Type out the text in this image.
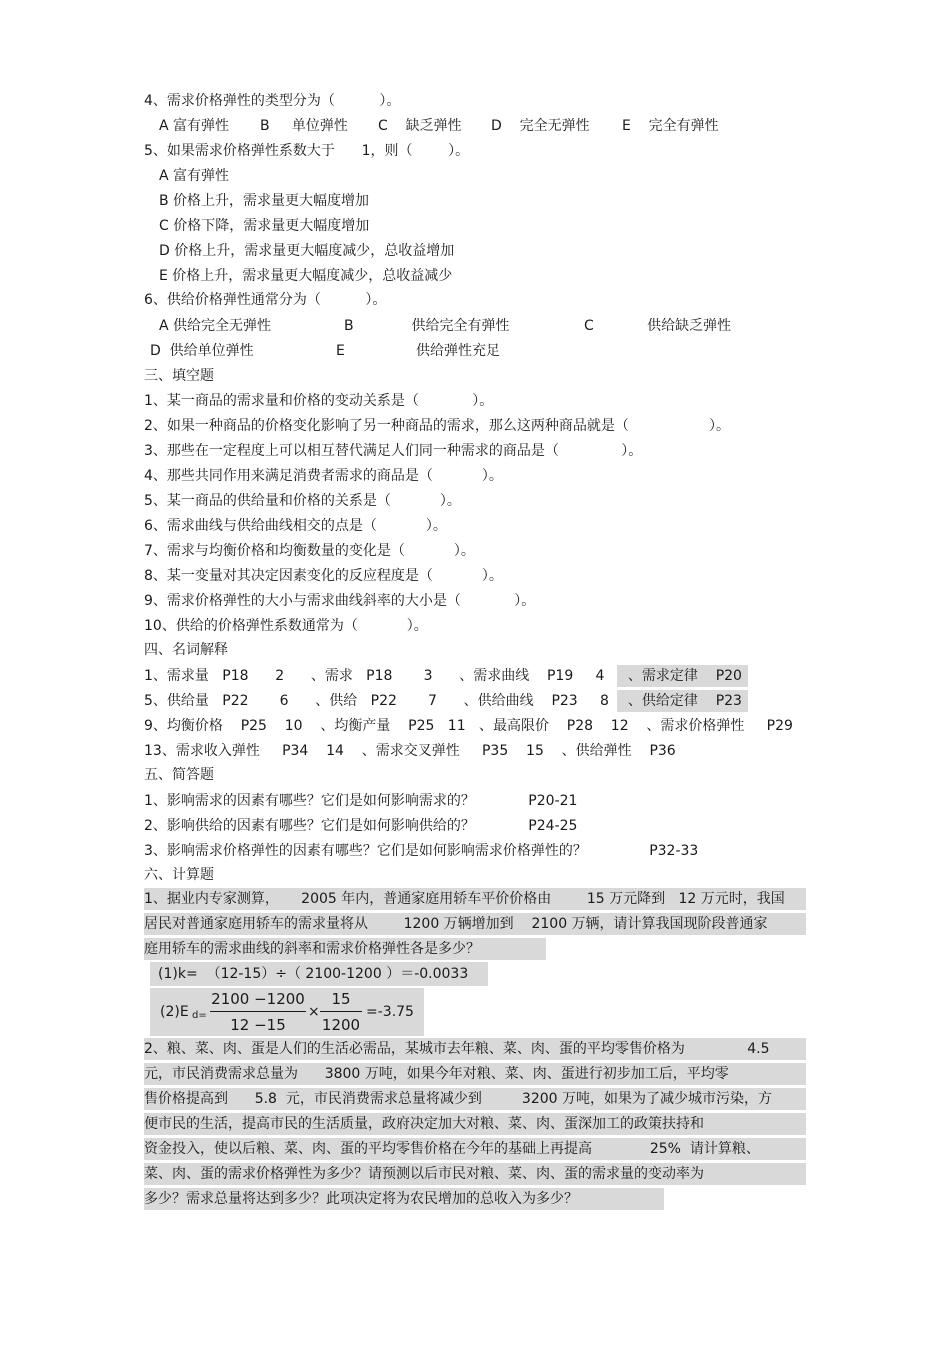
4、需求价格弹性的类型分为（          ）。
A 富有弹性 B     单位弹性 C    缺乏弹性 D    完全无弹性 E    完全有弹性
5、如果需求价格弹性系数大于      1，则（        ）。
A 富有弹性
B 价格上升，需求量更大幅度增加
C 价格下降，需求量更大幅度增加
D 价格上升，需求量更大幅度减少，总收益增加
E 价格上升，需求量更大幅度减少，总收益减少
6、供给价格弹性通常分为（          ）。
A 供给完全无弹性	B             供给完全有弹性	C            供给缺乏弹性
D  供给单位弹性	E                供给弹性充足
三、填空题
1、某一商品的需求量和价格的变动关系是（            ）。
2、如果一种商品的价格变化影响了另一种商品的需求，那么这两种商品就是（                  ）。
3、那些在一定程度上可以相互替代满足人们同一种需求的商品是（              ）。
4、那些共同作用来满足消费者需求的商品是（           ）。
5、某一商品的供给量和价格的关系是（           ）。
6、需求曲线与供给曲线相交的点是（           ）。
7、需求与均衡价格和均衡数量的变化是（           ）。
8、某一变量对其决定因素变化的反应程度是（           ）。
9、需求价格弹性的大小与需求曲线斜率的大小是（            ）。
10、供给的价格弹性系数通常为（           ）。
四、名词解释
1、需求量   P18      2      、需求   P18       3      、需求曲线    P19     4 、需求定律    P20
5、供给量   P22       6      、供给   P22       7      、供给曲线    P23     8 、供给定律    P23
9、均衡价格    P25    10    、均衡产量    P25   11   、最高限价    P28    12    、需求价格弹性     P29
13、需求收入弹性     P34    14    、需求交叉弹性     P35    15    、供给弹性    P36
五、简答题
1、影响需求的因素有哪些？它们是如何影响需求的？            P20-21
2、影响供给的因素有哪些？它们是如何影响供给的？            P24-25
3、影响需求价格弹性的因素有哪些？它们是如何影响需求价格弹性的？              P32-33
六、计算题
1、据业内专家测算，     2005 年内，普通家庭用轿车平价价格由        15 万元降到   12 万元时，我国
居民对普通家庭用轿车的需求量将从        1200 万辆增加到    2100 万辆，请计算我国现阶段普通家
庭用轿车的需求曲线的斜率和需求价格弹性各是多少？
(1)k=  （12-15）÷（ 2100-1200 ）＝-0.0033
(2)E d=
2100 −1200
12 −15
×
15
1200
=-3.75
2、粮、菜、肉、蛋是人们的生活必需品，某城市去年粮、菜、肉、蛋的平均零售价格为              4.5
元，市民消费需求总量为      3800 万吨，如果今年对粮、菜、肉、蛋进行初步加工后，平均零
售价格提高到      5.8  元，市民消费需求总量将减少到         3200 万吨，如果为了减少城市污染，方
便市民的生活，提高市民的生活质量，政府决定加大对粮、菜、肉、蛋深加工的政策扶持和
资金投入，使以后粮、菜、肉、蛋的平均零售价格在今年的基础上再提高             25%  请计算粮、
菜、肉、蛋的需求价格弹性为多少？请预测以后市民对粮、菜、肉、蛋的需求量的变动率为
多少？需求总量将达到多少？此项决定将为农民增加的总收入为多少？
